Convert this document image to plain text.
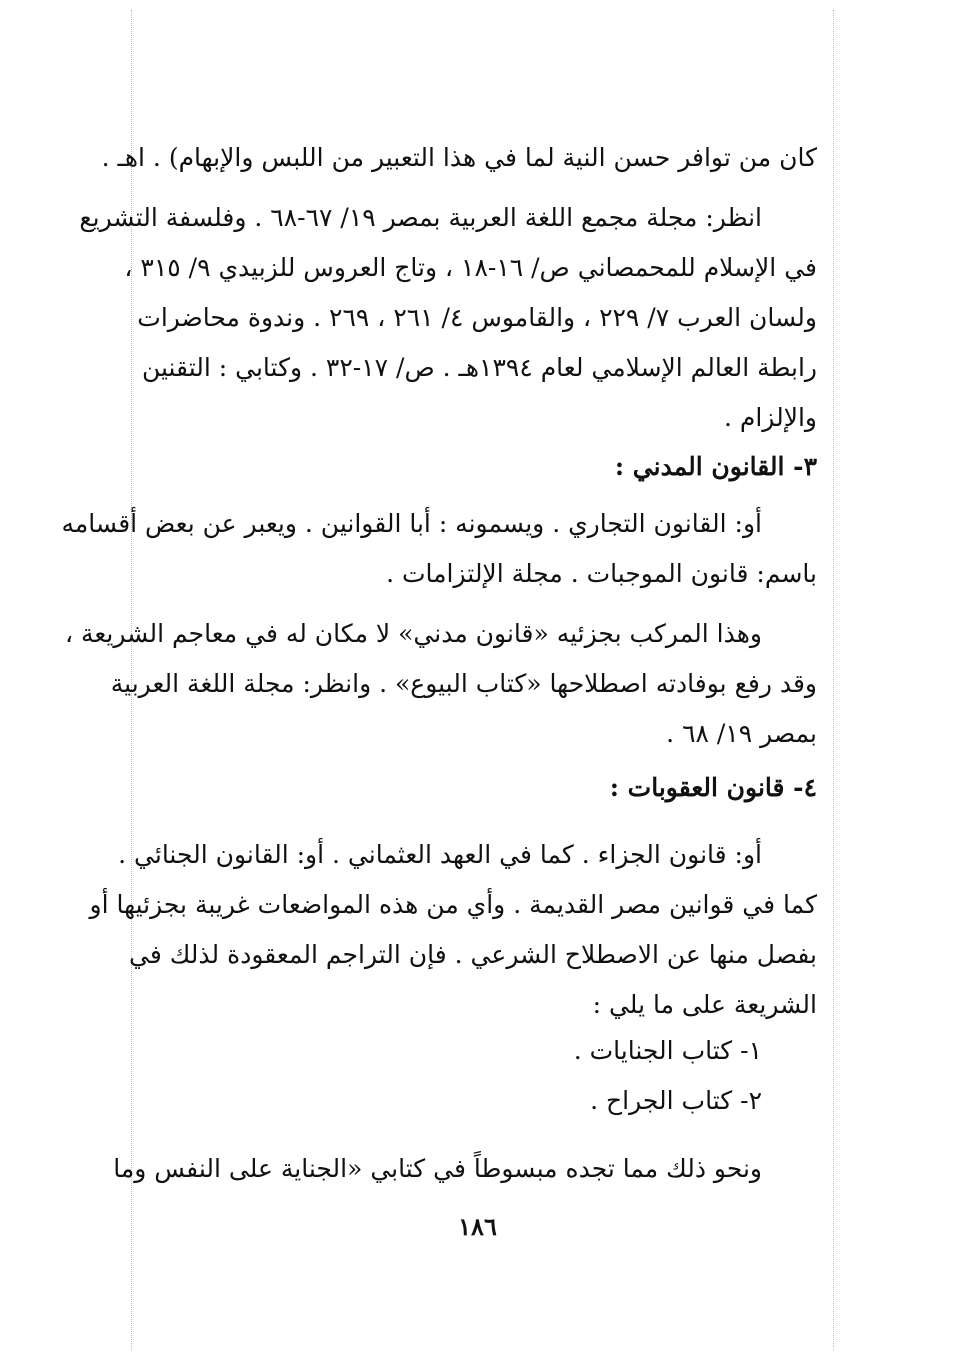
كان من توافر حسن النية لما في هذا التعبير من اللبس والإبهام) . اهـ .
انظر: مجلة مجمع اللغة العربية بمصر ١٩/ ٦٧-٦٨ . وفلسفة التشريع
في الإسلام للمحمصاني ص/ ١٦-١٨ ، وتاج العروس للزبيدي ٩/ ٣١٥ ،
ولسان العرب ٧/ ٢٢٩ ، والقاموس ٤/ ٢٦١ ، ٢٦٩ . وندوة محاضرات
رابطة العالم الإسلامي لعام ١٣٩٤هـ . ص/ ١٧-٣٢ . وكتابي : التقنين
والإلزام .
٣- القانون المدني :
أو: القانون التجاري . ويسمونه : أبا القوانين . ويعبر عن بعض أقسامه
باسم: قانون الموجبات . مجلة الإلتزامات .
وهذا المركب بجزئيه «قانون مدني» لا مكان له في معاجم الشريعة ،
وقد رفع بوفادته اصطلاحها «كتاب البيوع» . وانظر: مجلة اللغة العربية
بمصر ١٩/ ٦٨ .
٤- قانون العقوبات :
أو: قانون الجزاء . كما في العهد العثماني . أو: القانون الجنائي .
كما في قوانين مصر القديمة . وأي من هذه المواضعات غريبة بجزئيها أو
بفصل منها عن الاصطلاح الشرعي . فإن التراجم المعقودة لذلك في
الشريعة على ما يلي :
١- كتاب الجنايات .
٢- كتاب الجراح .
ونحو ذلك مما تجده مبسوطاً في كتابي «الجناية على النفس وما
١٨٦
